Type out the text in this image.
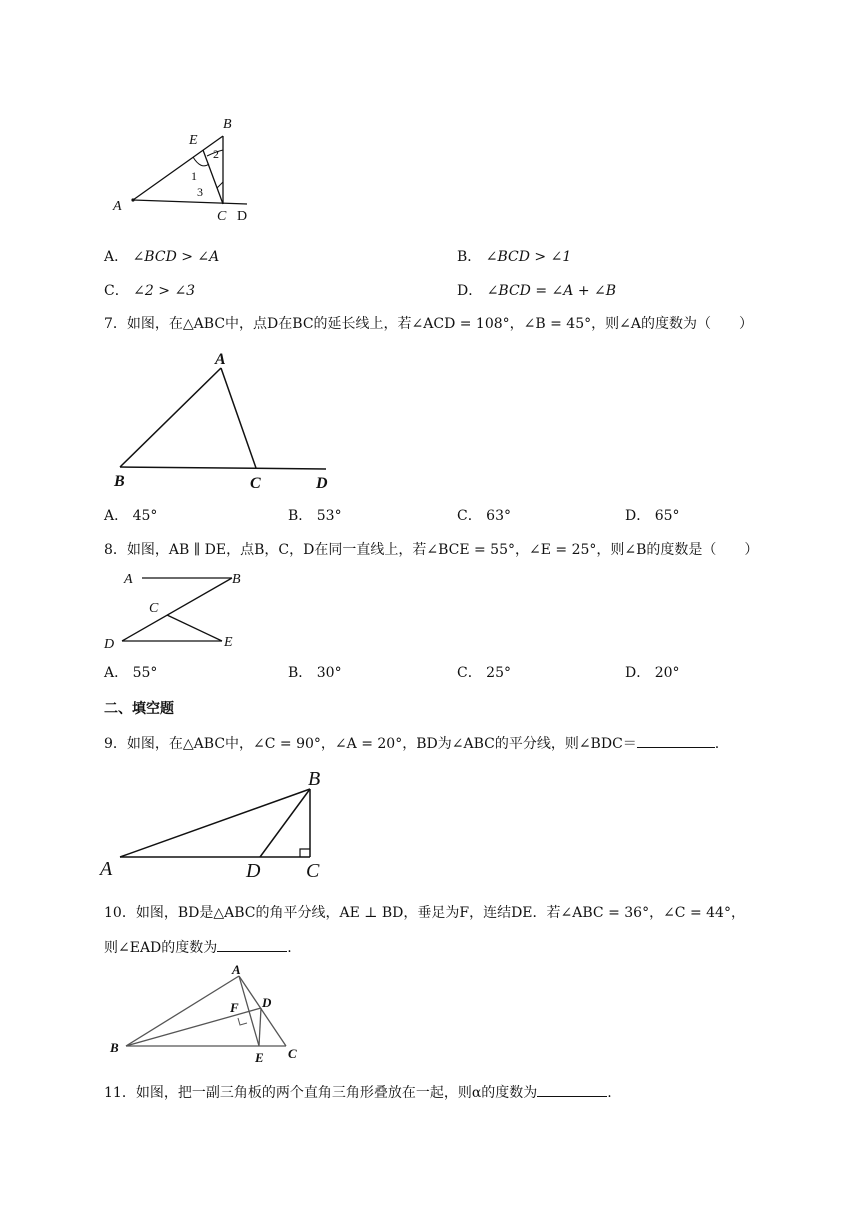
A
B
E
C D
1
2
3
A． ∠BCD > ∠A	B． ∠BCD > ∠1
C． ∠2 > ∠3	D． ∠BCD = ∠A + ∠B
7．如图，在△ABC中，点D在BC的延长线上，若∠ACD = 108°，∠B = 45°，则∠A的度数为（　　）
A
B	C	D
A． 45°	B． 53°	C． 63°	D． 65°
8．如图，AB ∥ DE，点B，C，D在同一直线上，若∠BCE = 55°，∠E = 25°，则∠B的度数是（　　）
A	B
C
D	E
A． 55°	B． 30°	C． 25°	D． 20°
二、填空题
9．如图，在△ABC中，∠C = 90°，∠A = 20°，BD为∠ABC的平分线，则∠BDC＝	.
A
B
C
D
10．如图，BD是△ABC的角平分线，AE ⊥ BD，垂足为F，连结DE．若∠ABC = 36°，∠C = 44°，
则∠EAD的度数为	.
A
B	C
D
E
F
11．如图，把一副三角板的两个直角三角形叠放在一起，则α的度数为	.
